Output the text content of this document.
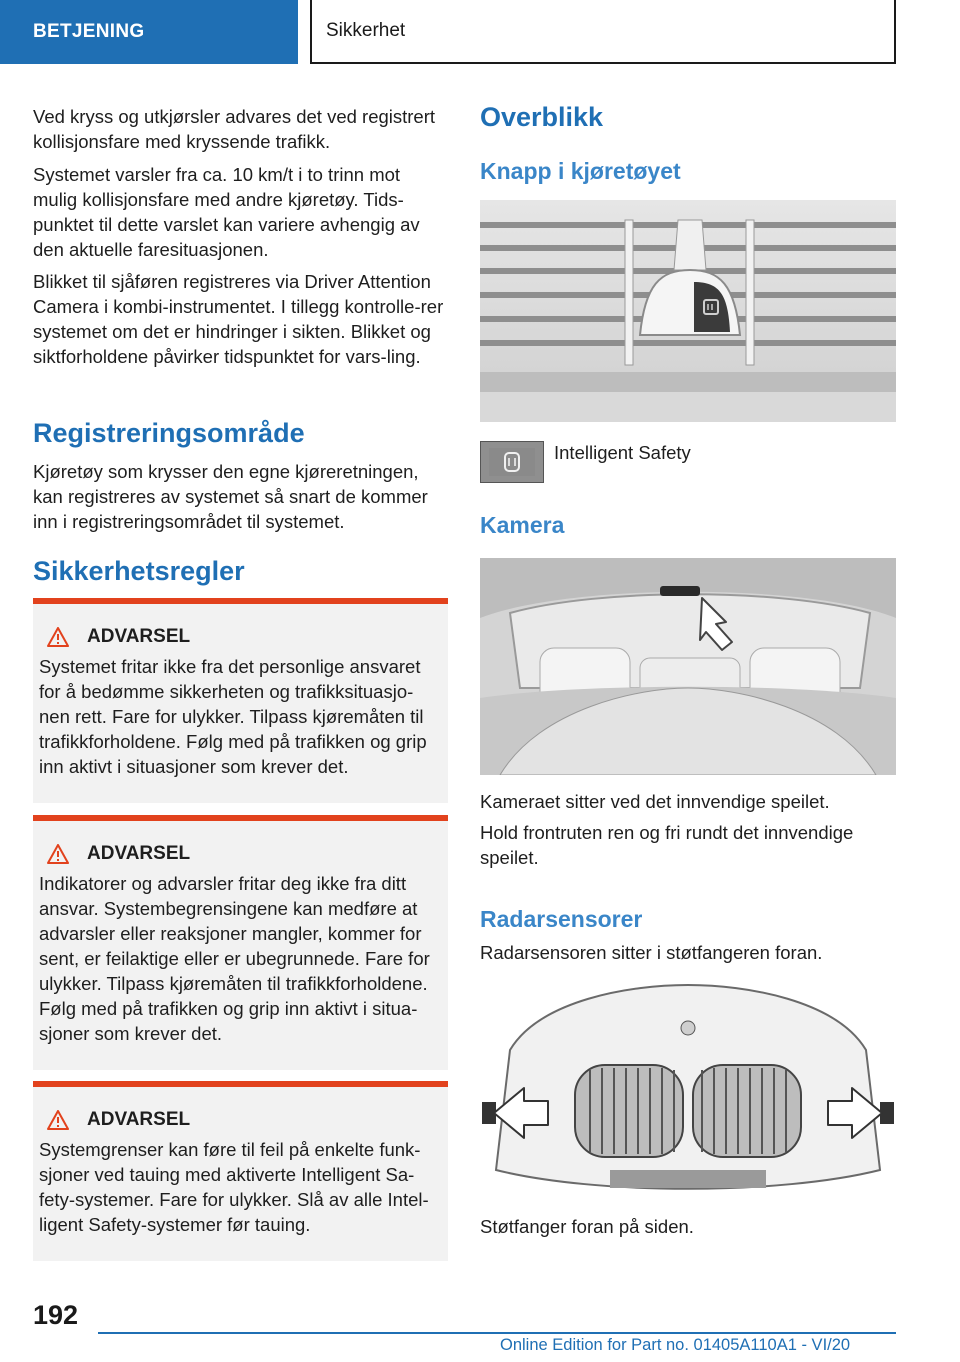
BETJENING	Sikkerhet

Ved kryss og utkjørsler advares det ved registrert kollisjonsfare med kryssende trafikk.

Systemet varsler fra ca. 10 km/t i to trinn mot mulig kollisjonsfare med andre kjøretøy. Tids-punktet til dette varslet kan variere avhengig av den aktuelle faresituasjonen.

Blikket til sjåføren registreres via Driver Attention Camera i kombi-instrumentet. I tillegg kontrolle-rer systemet om det er hindringer i sikten. Blikket og siktforholdene påvirker tidspunktet for vars-ling.

Registreringsområde

Kjøretøy som krysser den egne kjøreretningen, kan registreres av systemet så snart de kommer inn i registreringsområdet til systemet.

Sikkerhetsregler
ADVARSEL

Systemet fritar ikke fra det personlige ansvaret for å bedømme sikkerheten og trafikksituasjo-nen rett. Fare for ulykker. Tilpass kjøremåten til trafikkforholdene. Følg med på trafikken og grip inn aktivt i situasjoner som krever det.

ADVARSEL

Indikatorer og advarsler fritar deg ikke fra ditt ansvar. Systembegrensingene kan medføre at advarsler eller reaksjoner mangler, kommer for sent, er feilaktige eller er ubegrunnede. Fare for ulykker. Tilpass kjøremåten til trafikkforholdene. Følg med på trafikken og grip inn aktivt i situa-sjoner som krever det.

ADVARSEL

Systemgrenser kan føre til feil på enkelte funk-sjoner ved tauing med aktiverte Intelligent Sa-fety-systemer. Fare for ulykker. Slå av alle Intel-ligent Safety-systemer før tauing.

Overblikk
Knapp i kjøretøyet

Intelligent Safety

Kamera

Kameraet sitter ved det innvendige speilet.

Hold frontruten ren og fri rundt det innvendige speilet.

Radarsensorer

Radarsensoren sitter i støtfangeren foran.

Støtfanger foran på siden.

192
Online Edition for Part no. 01405A110A1 - VI/20
